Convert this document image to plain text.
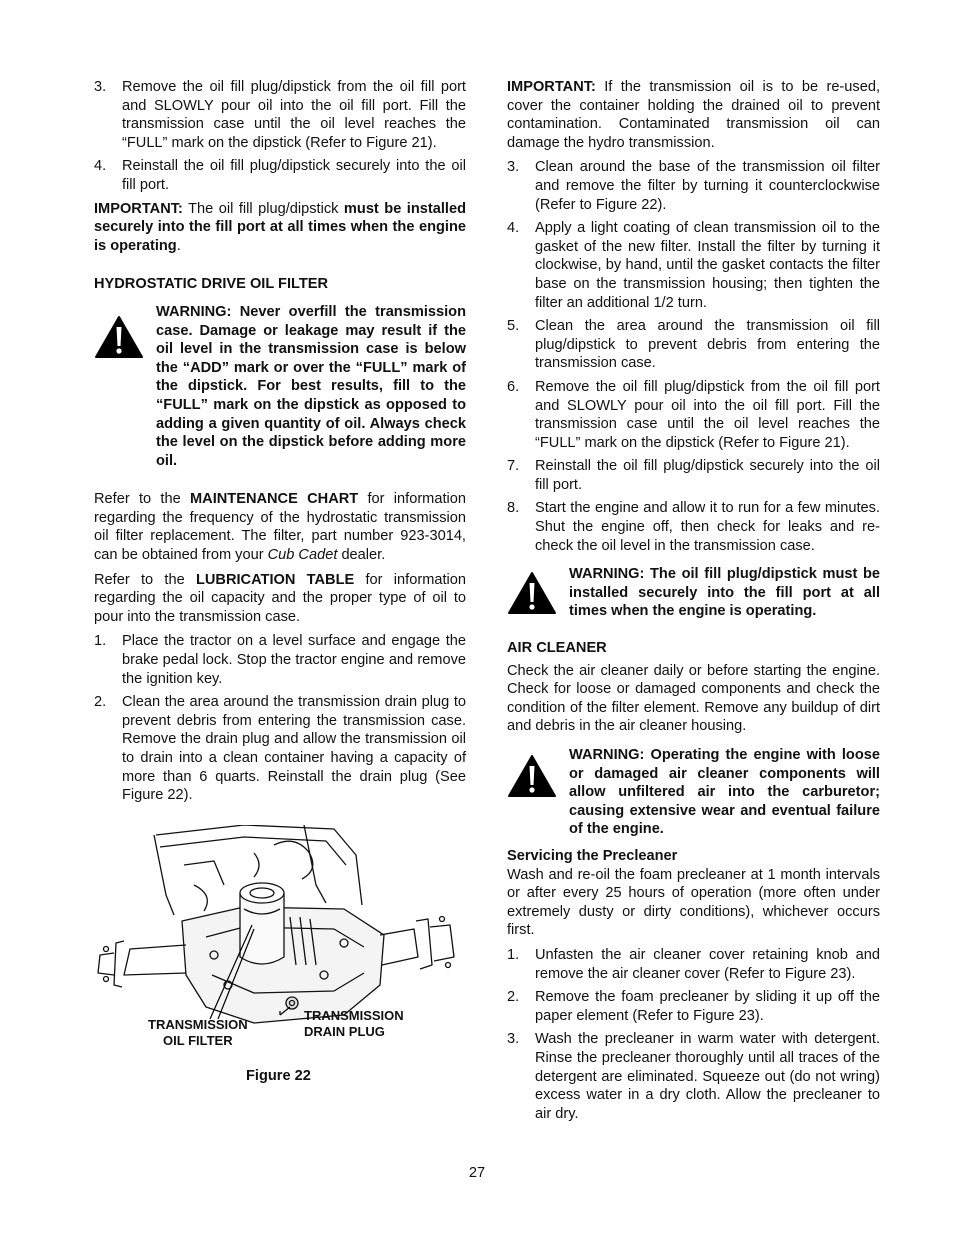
3.	Remove the oil fill plug/dipstick from the oil fill port and SLOWLY pour oil into the oil fill port. Fill the transmission case until the oil level reaches the “FULL” mark on the dipstick (Refer to Figure 21).
4.	Reinstall the oil fill plug/dipstick securely into the oil fill port.

IMPORTANT: The oil fill plug/dipstick must be installed securely into the fill port at all times when the engine is operating.

HYDROSTATIC DRIVE OIL FILTER
WARNING: Never overfill the transmission case. Damage or leakage may result if the oil level in the transmission case is below the “ADD” mark or over the “FULL” mark of the dipstick. For best results, fill to the “FULL” mark on the dipstick as opposed to adding a given quantity of oil. Always check the level on the dipstick before adding more oil.

Refer to the MAINTENANCE CHART for information regarding the frequency of the hydrostatic transmission oil filter replacement. The filter, part number 923-3014, can be obtained from your Cub Cadet dealer.

Refer to the LUBRICATION TABLE for information regarding the oil capacity and the proper type of oil to pour into the transmission case.

1.	Place the tractor on a level surface and engage the brake pedal lock. Stop the tractor engine and remove the ignition key.
2.	Clean the area around the transmission drain plug to prevent debris from entering the transmission case. Remove the drain plug and allow the transmission oil to drain into a clean container having a capacity of more than 6 quarts. Reinstall the drain plug (See Figure 22).
TRANSMISSION
OIL FILTER
TRANSMISSION
DRAIN PLUG
Figure 22

IMPORTANT: If the transmission oil is to be re-used, cover the container holding the drained oil to prevent contamination. Contaminated transmission oil can damage the hydro transmission.

3.	Clean around the base of the transmission oil filter and remove the filter by turning it counterclockwise (Refer to Figure 22).
4.	Apply a light coating of clean transmission oil to the gasket of the new filter. Install the filter by turning it clockwise, by hand, until the gasket contacts the filter base on the transmission housing; then tighten the filter an additional 1/2 turn.
5.	Clean the area around the transmission oil fill plug/dipstick to prevent debris from entering the transmission case.
6.	Remove the oil fill plug/dipstick from the oil fill port and SLOWLY pour oil into the oil fill port. Fill the transmission case until the oil level reaches the “FULL” mark on the dipstick (Refer to Figure 21).
7.	Reinstall the oil fill plug/dipstick securely into the oil fill port.
8.	Start the engine and allow it to run for a few minutes. Shut the engine off, then check for leaks and re-check the oil level in the transmission case.
WARNING: The oil fill plug/dipstick must be installed securely into the fill port at all times when the engine is operating.
AIR CLEANER

Check the air cleaner daily or before starting the engine. Check for loose or damaged components and check the condition of the filter element. Remove any buildup of dirt and debris in the air cleaner housing.

WARNING: Operating the engine with loose or damaged air cleaner components will allow unfiltered air into the carburetor; causing extensive wear and eventual failure of the engine.
Servicing the Precleaner

Wash and re-oil the foam precleaner at 1 month intervals or after every 25 hours of operation (more often under extremely dusty or dirty conditions), whichever occurs first.

1.	Unfasten the air cleaner cover retaining knob and remove the air cleaner cover (Refer to Figure 23).
2.	Remove the foam precleaner by sliding it up off the paper element (Refer to Figure 23).
3.	Wash the precleaner in warm water with detergent. Rinse the precleaner thoroughly until all traces of the detergent are eliminated. Squeeze out (do not wring) excess water in a dry cloth. Allow the precleaner to air dry.
27
